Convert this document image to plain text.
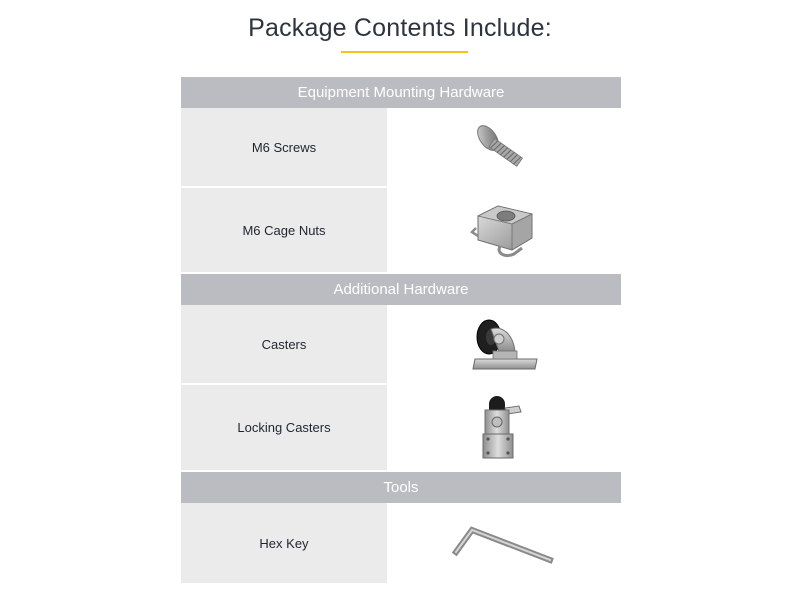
Package Contents Include:
Equipment Mounting Hardware
M6 Screws
M6 Cage Nuts
Additional Hardware
Casters
Locking Casters
Tools
Hex Key
